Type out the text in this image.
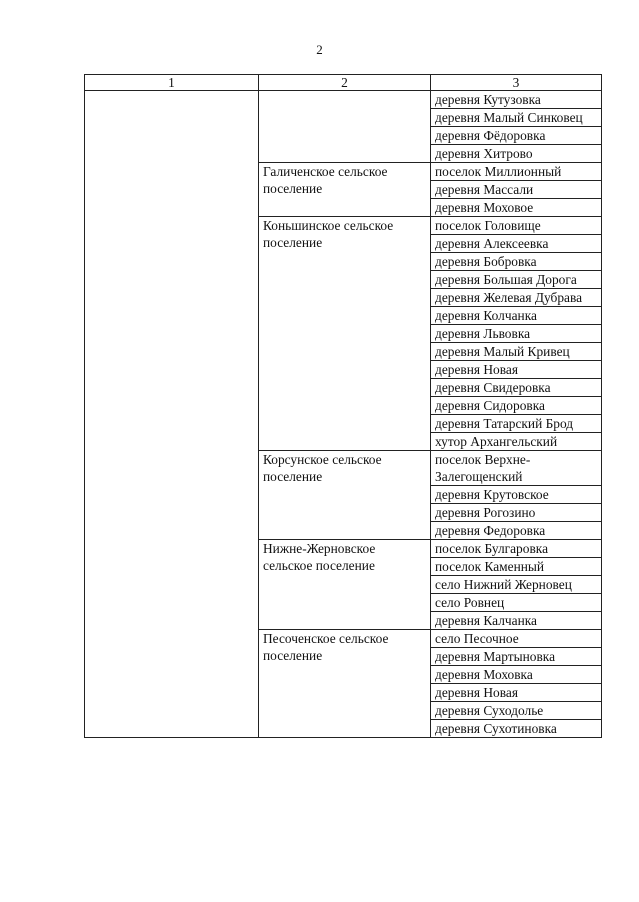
2
1	2	3
		деревня Кутузовка
		деревня Малый Синковец
		деревня Фёдоровка
		деревня Хитрово
	Галиченское сельское поселение	поселок Миллионный
		деревня Массали
		деревня Моховое
	Коньшинское сельское поселение	поселок Головище
		деревня Алексеевка
		деревня Бобровка
		деревня Большая Дорога
		деревня Желевая Дубрава
		деревня Колчанка
		деревня Львовка
		деревня Малый Кривец
		деревня Новая
		деревня Свидеровка
		деревня Сидоровка
		деревня Татарский Брод
		хутор Архангельский
	Корсунское сельское поселение	поселок Верхне-Залегощенский
		деревня Крутовское
		деревня Рогозино
		деревня Федоровка
	Нижне-Жерновское сельское поселение	поселок Булгаровка
		поселок Каменный
		село Нижний Жерновец
		село Ровнец
		деревня Калчанка
	Песоченское сельское поселение	село Песочное
		деревня Мартыновка
		деревня Моховка
		деревня Новая
		деревня Суходолье
		деревня Сухотиновка
